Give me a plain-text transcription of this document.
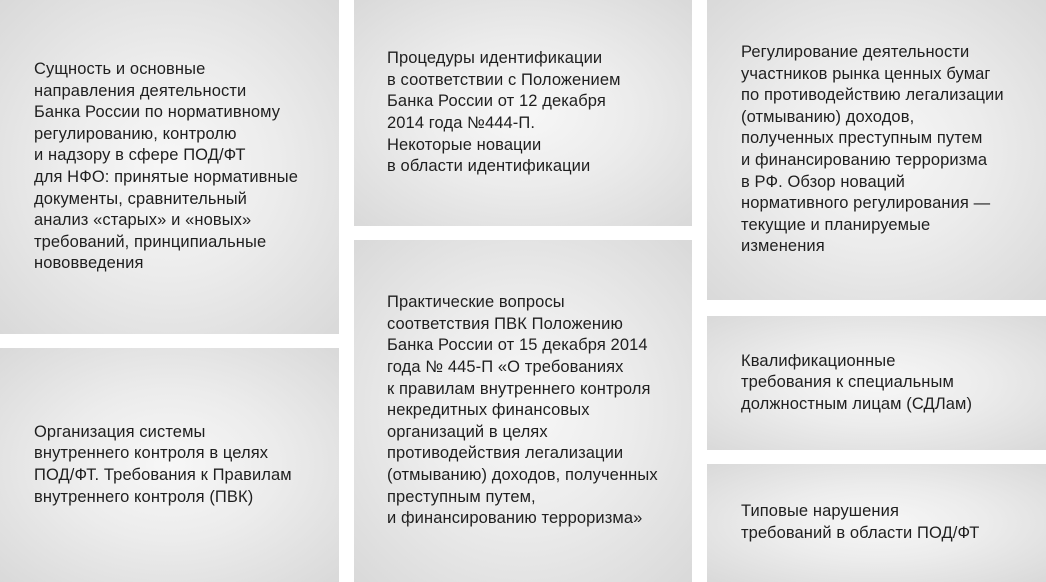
Сущность и основные
направления деятельности
Банка России по нормативному
регулированию, контролю
и надзору в сфере ПОД/ФТ
для НФО: принятые нормативные
документы, сравнительный
анализ «старых» и «новых»
требований, принципиальные
нововведения

Организация системы
внутреннего контроля в целях
ПОД/ФТ. Требования к Правилам
внутреннего контроля (ПВК)

Процедуры идентификации
в соответствии с Положением
Банка России от 12 декабря
2014 года №444-П.
Некоторые новации
в области идентификации

Практические вопросы
соответствия ПВК Положению
Банка России от 15 декабря 2014
года № 445-П «О требованиях
к правилам внутреннего контроля
некредитных финансовых
организаций в целях
противодействия легализации
(отмыванию) доходов, полученных
преступным путем,
и финансированию терроризма»

Регулирование деятельности
участников рынка ценных бумаг
по противодействию легализации
(отмыванию) доходов,
полученных преступным путем
и финансированию терроризма
в РФ. Обзор новаций
нормативного регулирования —
текущие и планируемые
изменения

Квалификационные
требования к специальным
должностным лицам (СДЛам)

Типовые нарушения
требований в области ПОД/ФТ
